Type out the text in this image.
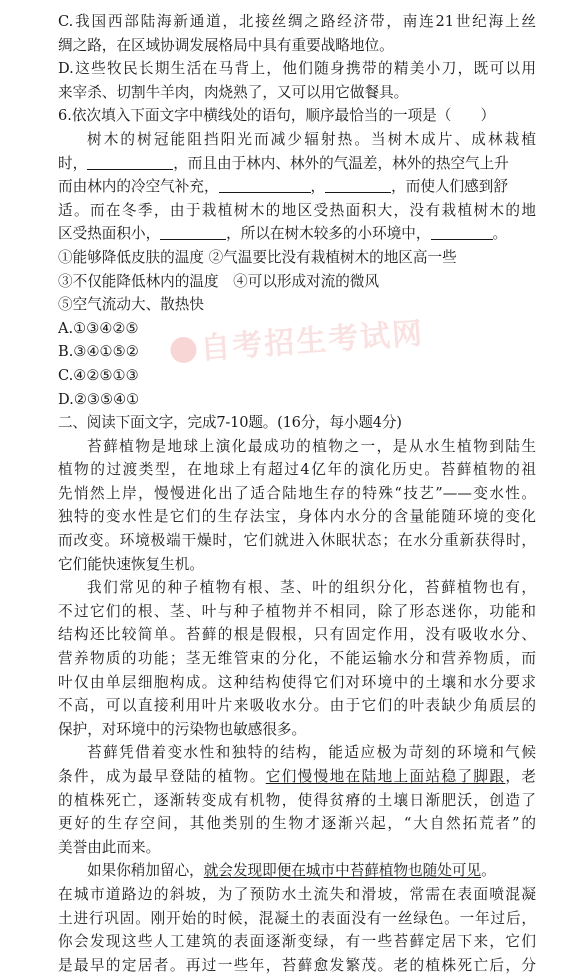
自考招生考试网
C.我国西部陆海新通道，北接丝绸之路经济带，南连21世纪海上丝
绸之路，在区域协调发展格局中具有重要战略地位。
D.这些牧民长期生活在马背上，他们随身携带的精美小刀，既可以用
来宰杀、切割牛羊肉，肉烧熟了，又可以用它做餐具。
6.依次填入下面文字中横线处的语句，顺序最恰当的一项是（　　）
树木的树冠能阻挡阳光而减少辐射热。当树木成片、成林栽植
时，	，而且由于林内、林外的气温差，林外的热空气上升
而由林内的冷空气补充，	，	，而使人们感到舒
适。而在冬季，由于栽植树木的地区受热面积大，没有栽植树木的地
区受热面积小，	，所以在树木较多的小环境中，	。
①能够降低皮肤的温度 ②气温要比没有栽植树木的地区高一些
③不仅能降低林内的温度　④可以形成对流的微风
⑤空气流动大、散热快
A.①③④②⑤
B.③④①⑤②
C.④②⑤①③
D.②③⑤④①
二、阅读下面文字，完成7-10题。(16分，每小题4分)
苔藓植物是地球上演化最成功的植物之一，是从水生植物到陆生
植物的过渡类型，在地球上有超过4亿年的演化历史。苔藓植物的祖
先悄然上岸，慢慢进化出了适合陆地生存的特殊“技艺”——变水性。
独特的变水性是它们的生存法宝，身体内水分的含量能随环境的变化
而改变。环境极端干燥时，它们就进入休眠状态；在水分重新获得时，
它们能快速恢复生机。
我们常见的种子植物有根、茎、叶的组织分化，苔藓植物也有，
不过它们的根、茎、叶与种子植物并不相同，除了形态迷你，功能和
结构还比较简单。苔藓的根是假根，只有固定作用，没有吸收水分、
营养物质的功能；茎无维管束的分化，不能运输水分和营养物质，而
叶仅由单层细胞构成。这种结构使得它们对环境中的土壤和水分要求
不高，可以直接利用叶片来吸收水分。由于它们的叶表缺少角质层的
保护，对环境中的污染物也敏感很多。
苔藓凭借着变水性和独特的结构，能适应极为苛刻的环境和气候
条件，成为最早登陆的植物。它们慢慢地在陆地上面站稳了脚跟，老
的植株死亡，逐渐转变成有机物，使得贫瘠的土壤日渐肥沃，创造了
更好的生存空间，其他类别的生物才逐渐兴起，“大自然拓荒者”的
美誉由此而来。
如果你稍加留心，就会发现即便在城市中苔藓植物也随处可见。
在城市道路边的斜坡，为了预防水土流失和滑坡，常需在表面喷混凝
土进行巩固。刚开始的时候，混凝土的表面没有一丝绿色。一年过后，
你会发现这些人工建筑的表面逐渐变绿，有一些苔藓定居下来，它们
是最早的定居者。再过一些年，苔藓愈发繁茂。老的植株死亡后，分
